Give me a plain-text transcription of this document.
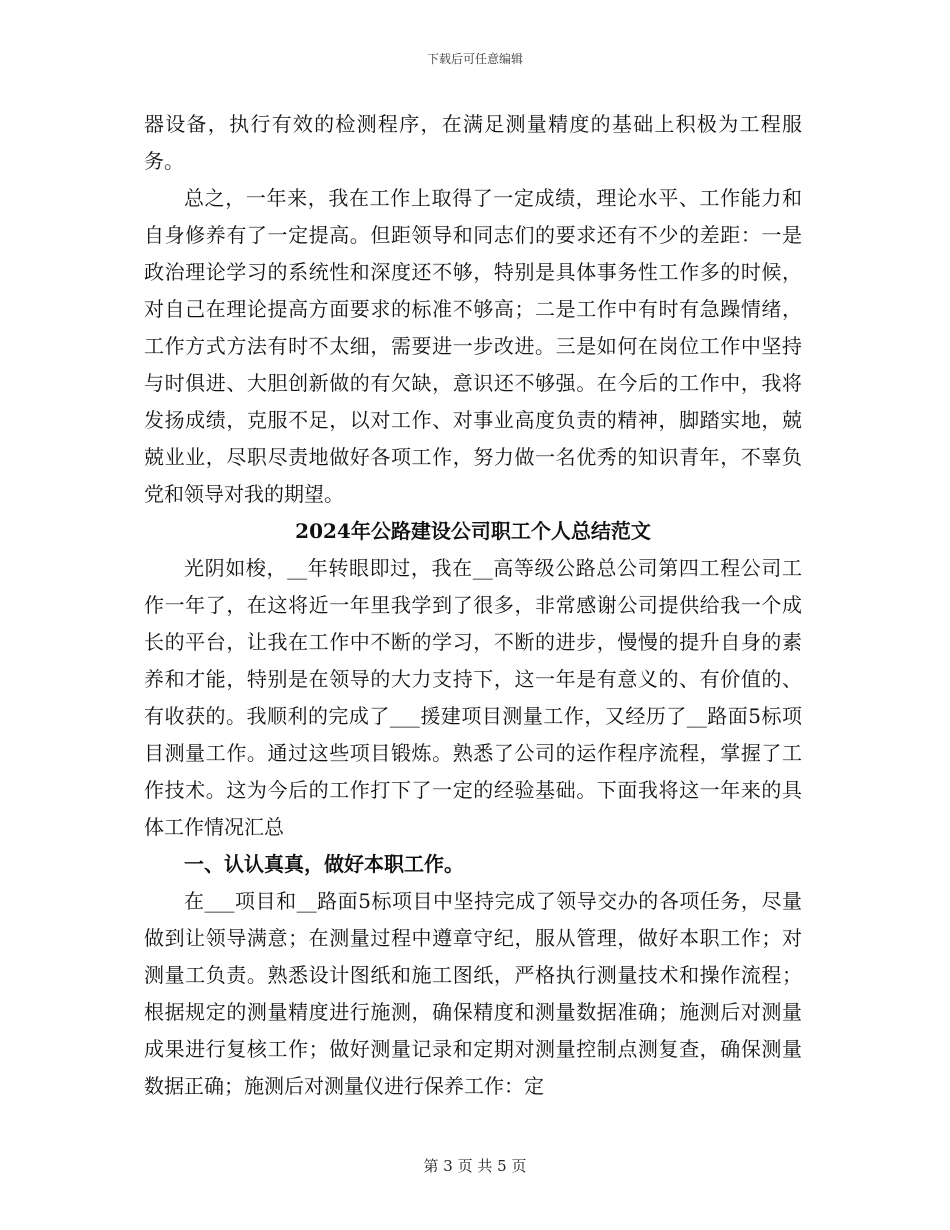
下载后可任意编辑

器设备，执行有效的检测程序，在满足测量精度的基础上积极为工程服务。

总之，一年来，我在工作上取得了一定成绩，理论水平、工作能力和自身修养有了一定提高。但距领导和同志们的要求还有不少的差距：一是政治理论学习的系统性和深度还不够，特别是具体事务性工作多的时候，对自己在理论提高方面要求的标准不够高；二是工作中有时有急躁情绪，工作方式方法有时不太细，需要进一步改进。三是如何在岗位工作中坚持与时俱进、大胆创新做的有欠缺，意识还不够强。在今后的工作中，我将发扬成绩，克服不足，以对工作、对事业高度负责的精神，脚踏实地，兢兢业业，尽职尽责地做好各项工作，努力做一名优秀的知识青年，不辜负党和领导对我的期望。

2024年公路建设公司职工个人总结范文

光阴如梭，__年转眼即过，我在__高等级公路总公司第四工程公司工作一年了，在这将近一年里我学到了很多，非常感谢公司提供给我一个成长的平台，让我在工作中不断的学习，不断的进步，慢慢的提升自身的素养和才能，特别是在领导的大力支持下，这一年是有意义的、有价值的、有收获的。我顺利的完成了___援建项目测量工作，又经历了__路面5标项目测量工作。通过这些项目锻炼。熟悉了公司的运作程序流程，掌握了工作技术。这为今后的工作打下了一定的经验基础。下面我将这一年来的具体工作情况汇总

一、认认真真，做好本职工作。

在___项目和__路面5标项目中坚持完成了领导交办的各项任务，尽量做到让领导满意；在测量过程中遵章守纪，服从管理，做好本职工作；对测量工负责。熟悉设计图纸和施工图纸，严格执行测量技术和操作流程；根据规定的测量精度进行施测，确保精度和测量数据准确；施测后对测量成果进行复核工作；做好测量记录和定期对测量控制点测复查，确保测量数据正确；施测后对测量仪进行保养工作：定

第 3 页 共 5 页
